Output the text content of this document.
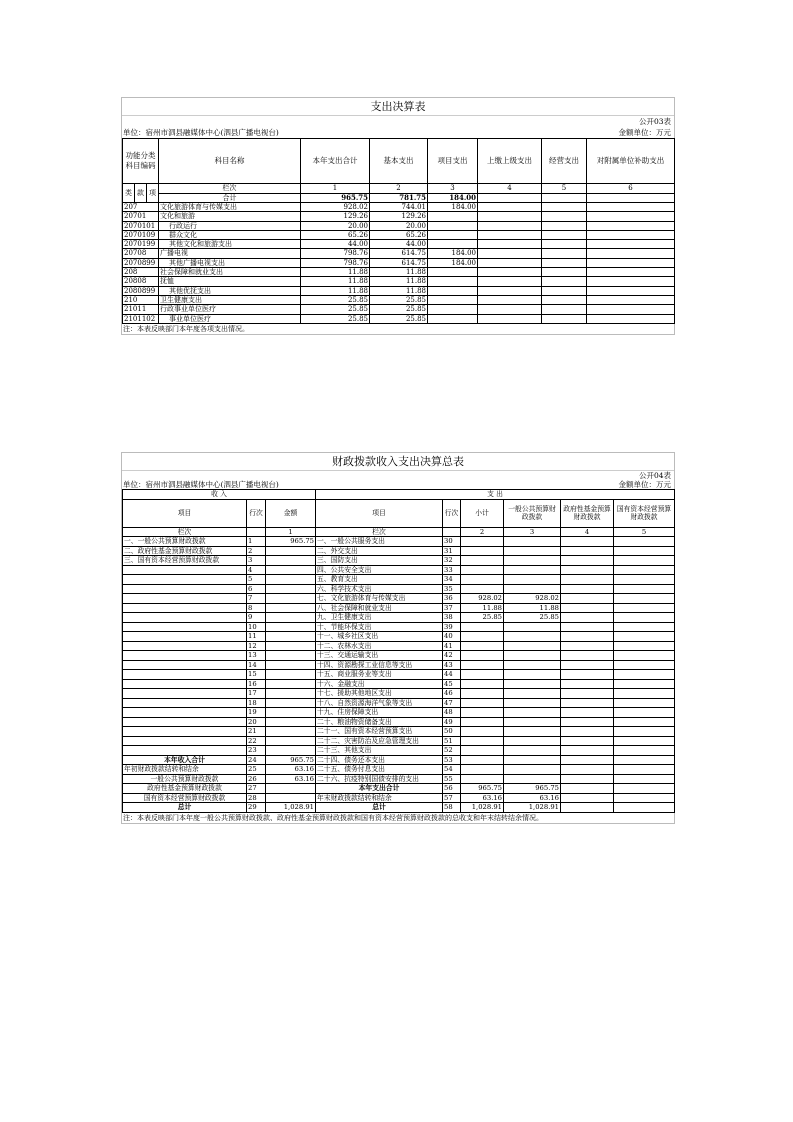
支出决算表
公开03表
单位：宿州市泗县融媒体中心(泗县广播电视台)	金额单位：万元
功能分类科目编码			科目名称	本年支出合计	基本支出	项目支出	上缴上级支出	经营支出	对附属单位补助支出
类	款	项	栏次	1	2	3	4	5	6
			合计	965.75	781.75	184.00			
207			文化旅游体育与传媒支出	928.02	744.01	184.00			
20701			文化和旅游	129.26	129.26				
2070101			行政运行	20.00	20.00				
2070109			群众文化	65.26	65.26				
2070199			其他文化和旅游支出	44.00	44.00				
20708			广播电视	798.76	614.75	184.00			
2070899			其他广播电视支出	798.76	614.75	184.00			
208			社会保障和就业支出	11.88	11.88				
20808			抚恤	11.88	11.88				
2080899			其他优抚支出	11.88	11.88				
210			卫生健康支出	25.85	25.85				
21011			行政事业单位医疗	25.85	25.85				
2101102			事业单位医疗	25.85	25.85				
注：本表反映部门本年度各项支出情况。
财政拨款收入支出决算总表
公开04表
单位：宿州市泗县融媒体中心(泗县广播电视台)	金额单位：万元
收 入			支 出					
项目	行次	金额	项目	行次	小计	一般公共预算财政拨款	政府性基金预算财政拨款	国有资本经营预算财政拨款
栏次		1	栏次		2	3	4	5
一、一般公共预算财政拨款	1	965.75	一、一般公共服务支出	30				
二、政府性基金预算财政拨款	2		二、外交支出	31				
三、国有资本经营预算财政拨款	3		三、国防支出	32				
	4		四、公共安全支出	33				
	5		五、教育支出	34				
	6		六、科学技术支出	35				
	7		七、文化旅游体育与传媒支出	36	928.02	928.02		
	8		八、社会保障和就业支出	37	11.88	11.88		
	9		九、卫生健康支出	38	25.85	25.85		
	10		十、节能环保支出	39				
	11		十一、城乡社区支出	40				
	12		十二、农林水支出	41				
	13		十三、交通运输支出	42				
	14		十四、资源勘探工业信息等支出	43				
	15		十五、商业服务业等支出	44				
	16		十六、金融支出	45				
	17		十七、援助其他地区支出	46				
	18		十八、自然资源海洋气象等支出	47				
	19		十九、住房保障支出	48				
	20		二十、粮油物资储备支出	49				
	21		二十一、国有资本经营预算支出	50				
	22		二十二、灾害防治及应急管理支出	51				
	23		二十三、其他支出	52				
本年收入合计	24	965.75	二十四、债务还本支出	53				
年初财政拨款结转和结余	25	63.16	二十五、债务付息支出	54				
一般公共预算财政拨款	26	63.16	二十六、抗疫特别国债安排的支出	55				
政府性基金预算财政拨款	27		本年支出合计	56	965.75	965.75		
国有资本经营预算财政拨款	28		年末财政拨款结转和结余	57	63.16	63.16		
总计	29	1,028.91	总计	58	1,028.91	1,028.91		
注：本表反映部门本年度一般公共预算财政拨款、政府性基金预算财政拨款和国有资本经营预算财政拨款的总收支和年末结转结余情况。
